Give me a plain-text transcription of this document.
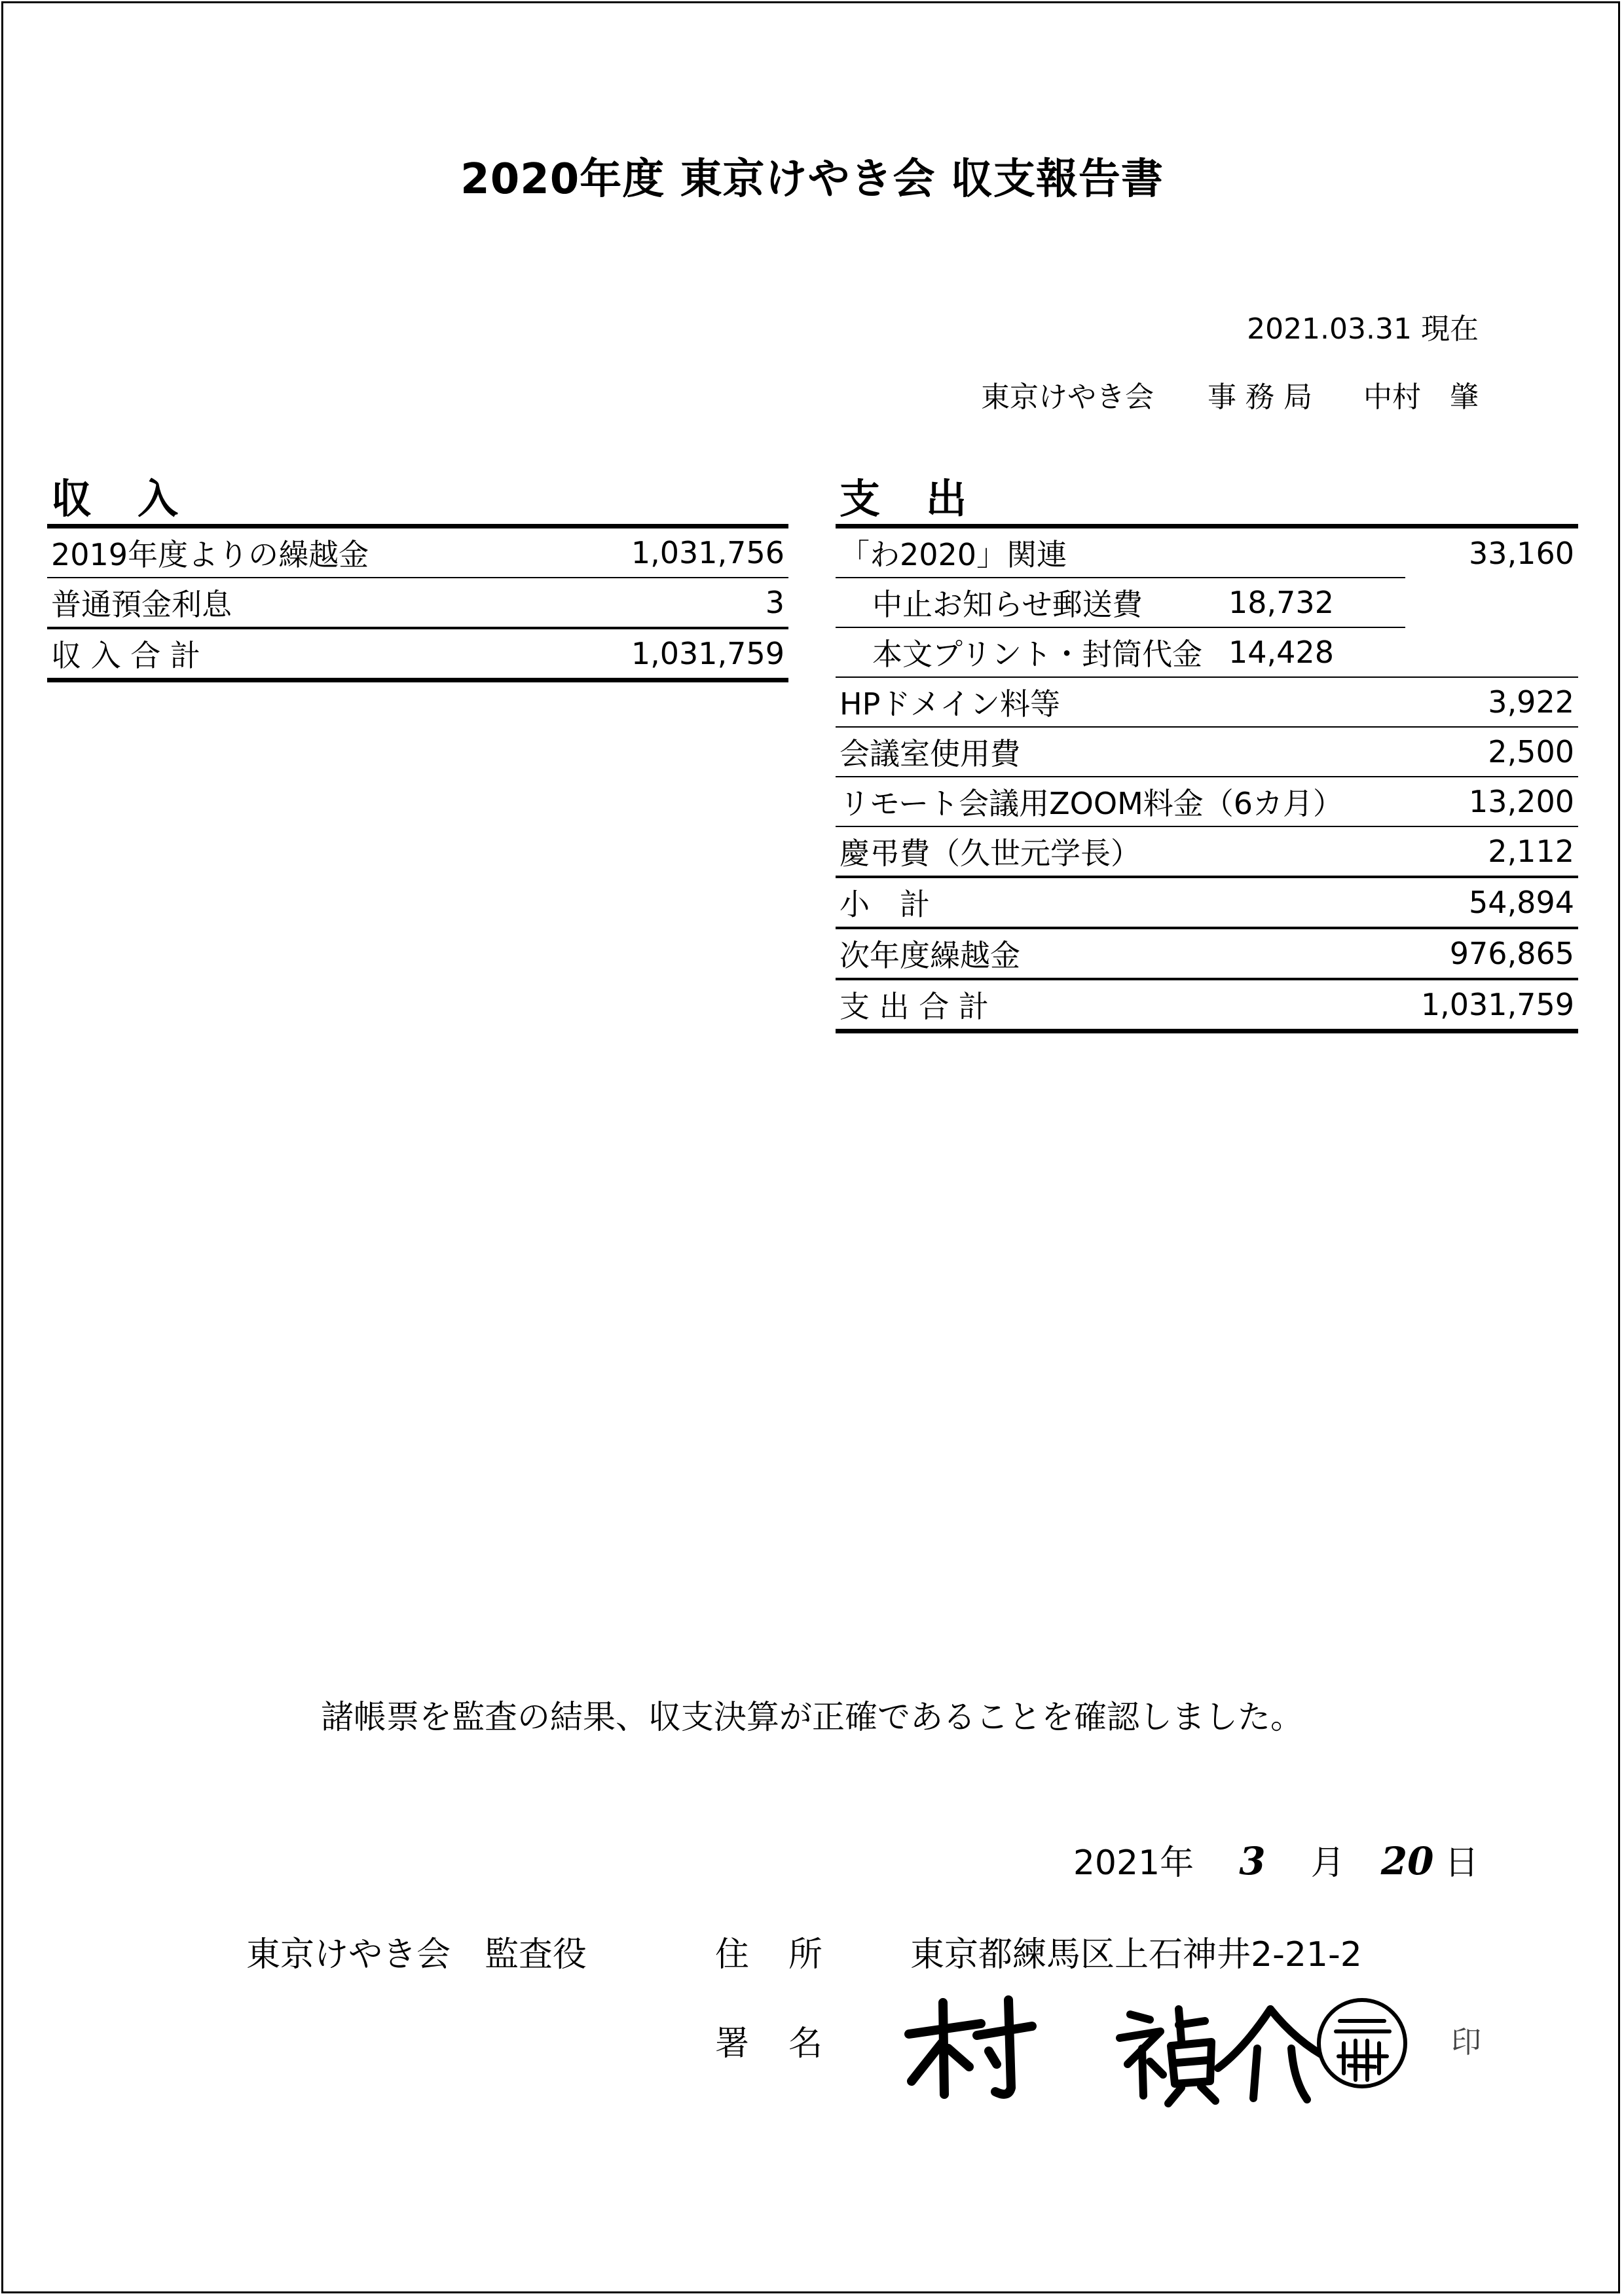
2020年度 東京けやき会 収支報告書
2021.03.31 現在
東京けやき会 事 務 局 中村　肇
収入
2019年度よりの繰越金	1,031,756
普通預金利息	3
収 入 合 計	1,031,759
支出
「わ2020」関連		33,160
中止お知らせ郵送費	18,732	
本文プリント・封筒代金	14,428	
HPドメイン料等		3,922
会議室使用費		2,500
リモート会議用ZOOM料金（6カ月）		13,200
慶弔費（久世元学長）		2,112
小　計		54,894
次年度繰越金		976,865
支 出 合 計		1,031,759
諸帳票を監査の結果、収支決算が正確であることを確認しました。
2021年 3 月 20 日
東京けやき会　監査役	住所 東京都練馬区上石神井2-21-2
署名	印
